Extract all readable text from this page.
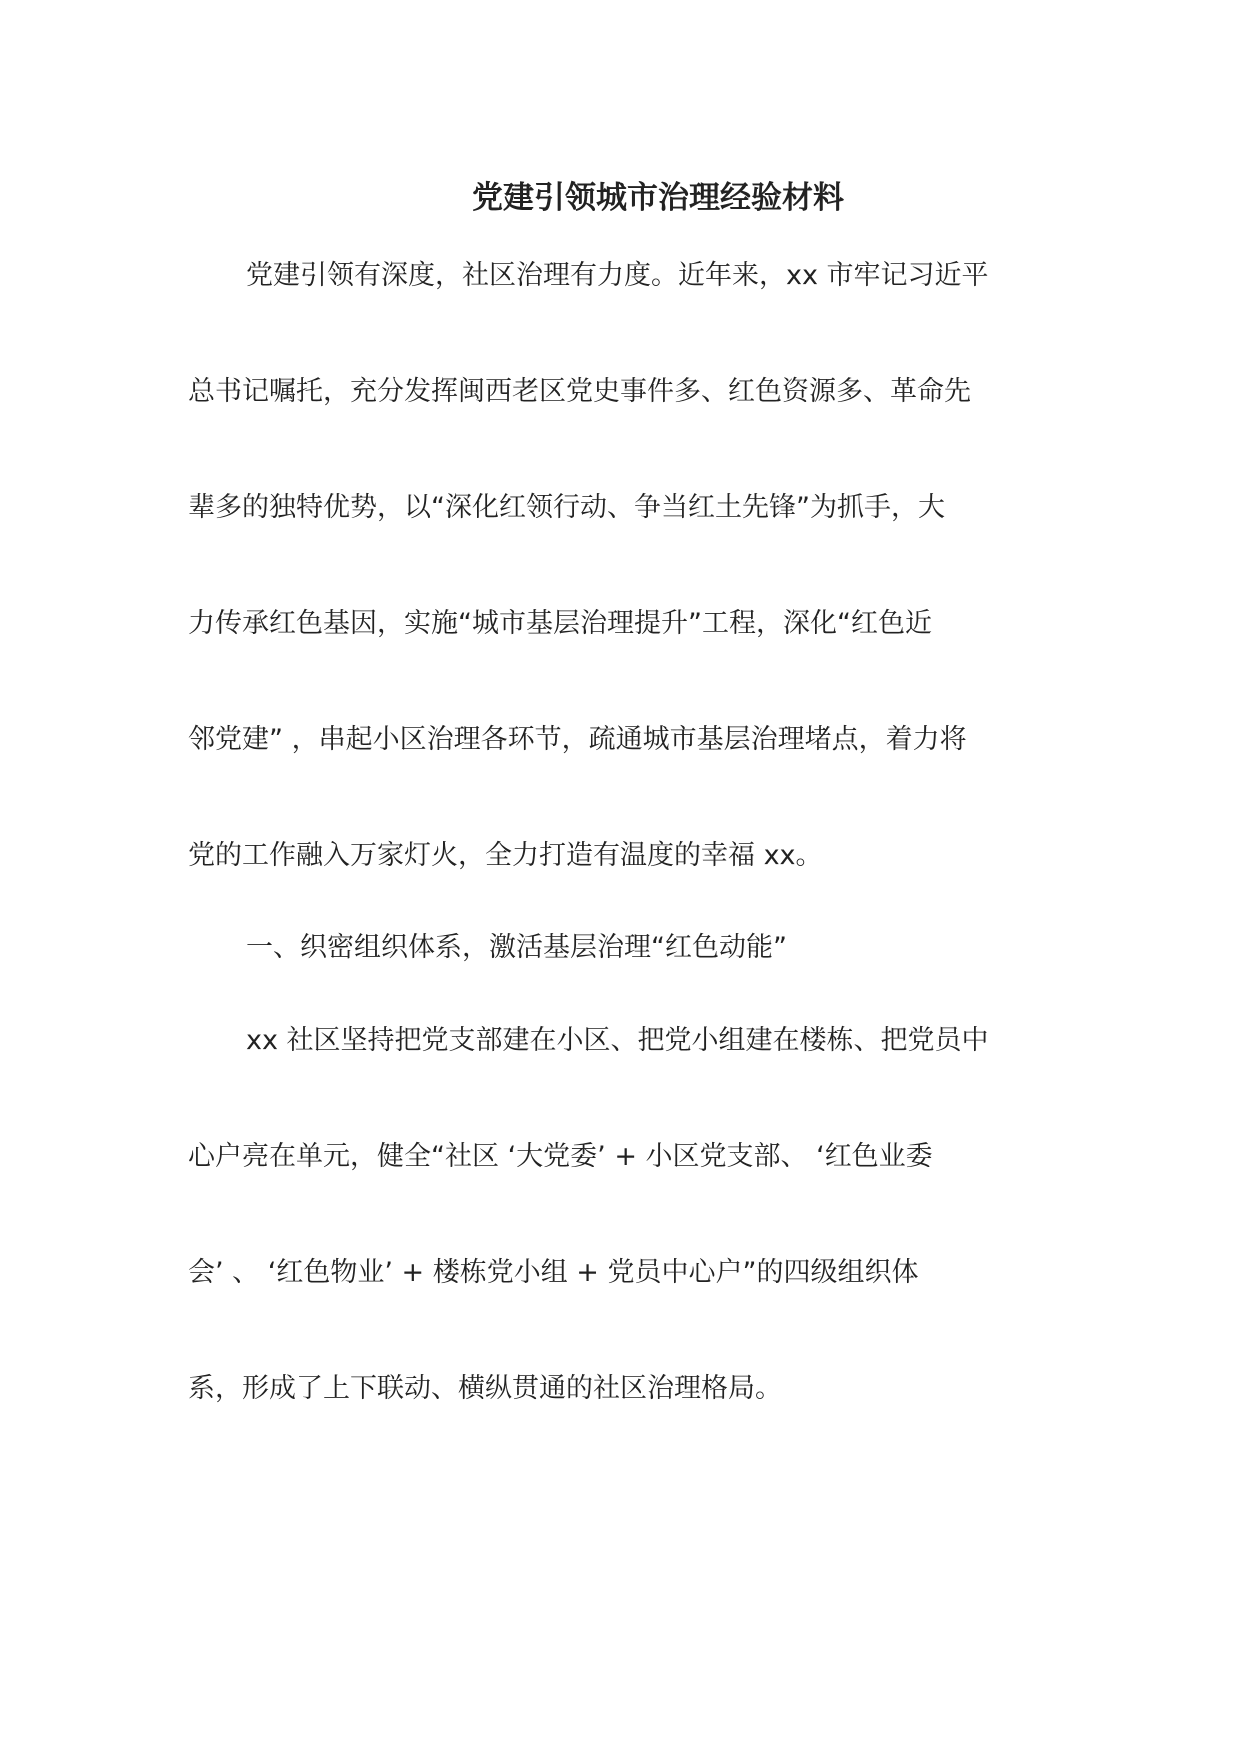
党建引领城市治理经验材料

党建引领有深度，社区治理有力度。近年来，xx 市牢记习近平

总书记嘱托，充分发挥闽西老区党史事件多、红色资源多、革命先

辈多的独特优势，以“深化红领行动、争当红土先锋”为抓手，大

力传承红色基因，实施“城市基层治理提升”工程，深化“红色近

邻党建” ，串起小区治理各环节，疏通城市基层治理堵点，着力将

党的工作融入万家灯火，全力打造有温度的幸福 xx。

一、织密组织体系，激活基层治理“红色动能”

xx 社区坚持把党支部建在小区、把党小组建在楼栋、把党员中

心户亮在单元，健全“社区 ‘大党委’ + 小区党支部、 ‘红色业委

会’ 、 ‘红色物业’ + 楼栋党小组 + 党员中心户”的四级组织体

系，形成了上下联动、横纵贯通的社区治理格局。
